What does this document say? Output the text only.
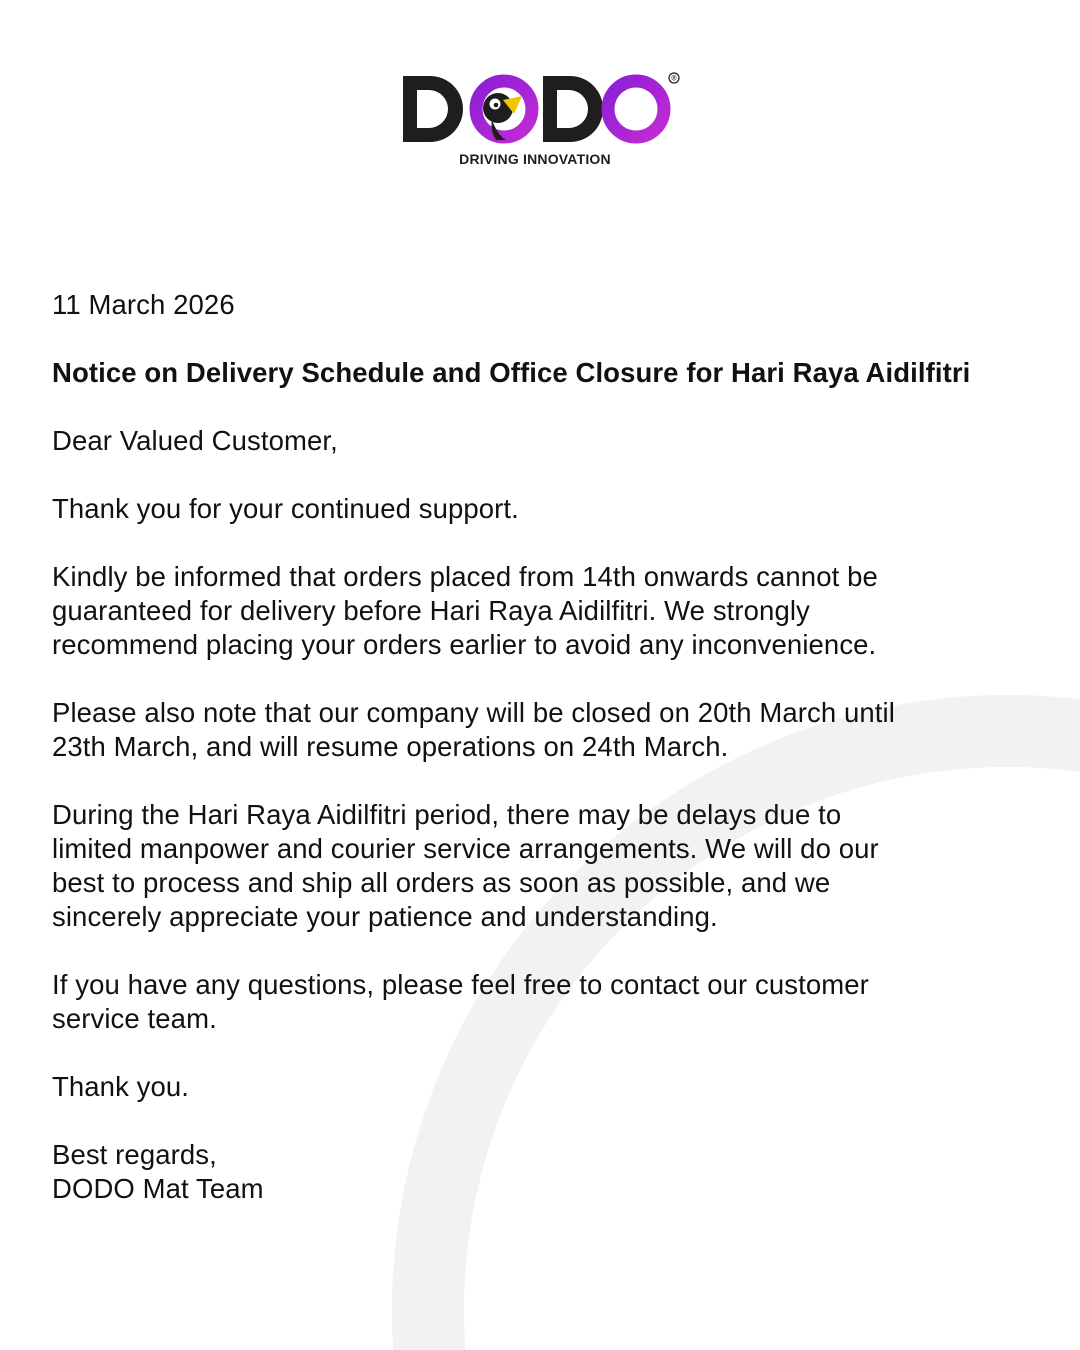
®
DRIVING INNOVATION

11 March 2026

Notice on Delivery Schedule and Office Closure for Hari Raya Aidilfitri

Dear Valued Customer,

Thank you for your continued support.

Kindly be informed that orders placed from 14th onwards cannot be
guaranteed for delivery before Hari Raya Aidilfitri. We strongly
recommend placing your orders earlier to avoid any inconvenience.

Please also note that our company will be closed on 20th March until
23th March, and will resume operations on 24th March.

During the Hari Raya Aidilfitri period, there may be delays due to
limited manpower and courier service arrangements. We will do our
best to process and ship all orders as soon as possible, and we
sincerely appreciate your patience and understanding.

If you have any questions, please feel free to contact our customer
service team.

Thank you.

Best regards,
DODO Mat Team
